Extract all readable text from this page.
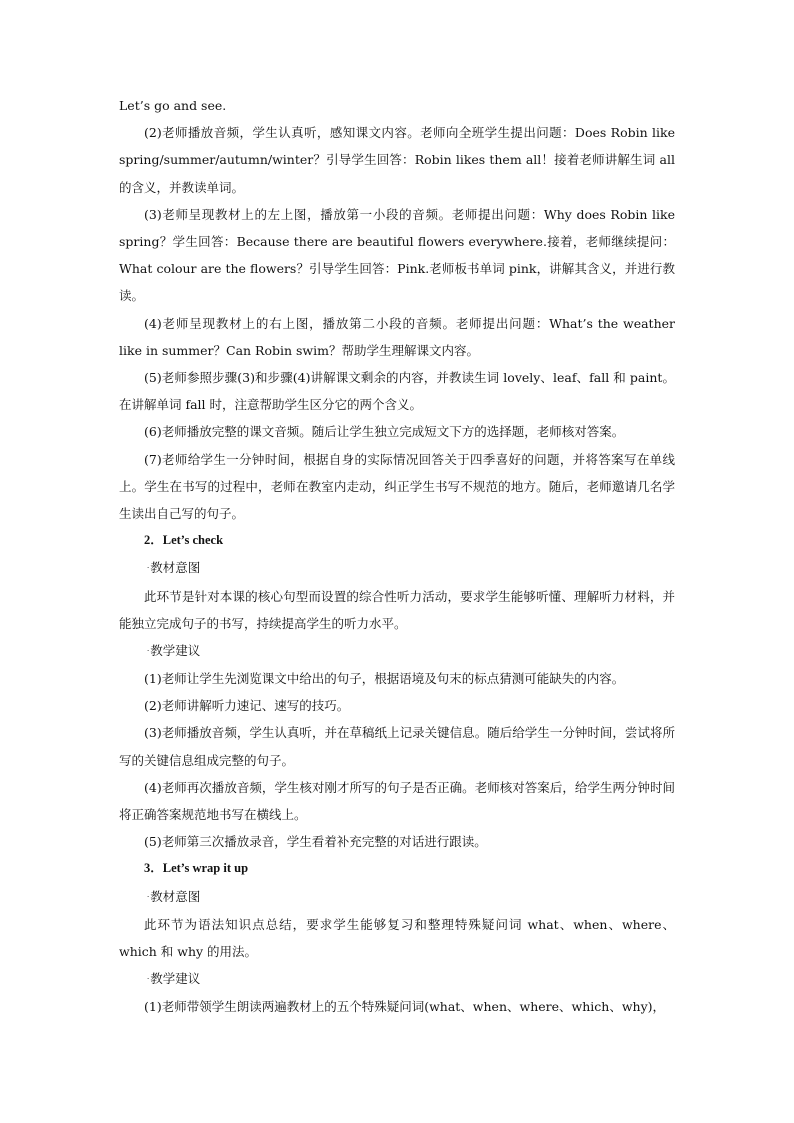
Let’s go and see.

(2)老师播放音频，学生认真听，感知课文内容。老师向全班学生提出问题：Does Robin like spring/summer/autumn/winter？引导学生回答：Robin likes them all！接着老师讲解生词 all 的含义，并教读单词。

(3)老师呈现教材上的左上图，播放第一小段的音频。老师提出问题：Why does Robin like spring？学生回答：Because there are beautiful flowers everywhere.接着，老师继续提问：What colour are the flowers？引导学生回答：Pink.老师板书单词 pink，讲解其含义，并进行教读。

(4)老师呈现教材上的右上图，播放第二小段的音频。老师提出问题：What’s the weather like in summer？Can Robin swim？帮助学生理解课文内容。

(5)老师参照步骤(3)和步骤(4)讲解课文剩余的内容，并教读生词 lovely、leaf、fall 和 paint。在讲解单词 fall 时，注意帮助学生区分它的两个含义。

(6)老师播放完整的课文音频。随后让学生独立完成短文下方的选择题，老师核对答案。

(7)老师给学生一分钟时间，根据自身的实际情况回答关于四季喜好的问题，并将答案写在单线上。学生在书写的过程中，老师在教室内走动，纠正学生书写不规范的地方。随后，老师邀请几名学生读出自己写的句子。

2．Let’s check

·教材意图

此环节是针对本课的核心句型而设置的综合性听力活动，要求学生能够听懂、理解听力材料，并能独立完成句子的书写，持续提高学生的听力水平。

·教学建议

(1)老师让学生先浏览课文中给出的句子，根据语境及句末的标点猜测可能缺失的内容。

(2)老师讲解听力速记、速写的技巧。

(3)老师播放音频，学生认真听，并在草稿纸上记录关键信息。随后给学生一分钟时间，尝试将所写的关键信息组成完整的句子。

(4)老师再次播放音频，学生核对刚才所写的句子是否正确。老师核对答案后，给学生两分钟时间将正确答案规范地书写在横线上。

(5)老师第三次播放录音，学生看着补充完整的对话进行跟读。

3．Let’s wrap it up

·教材意图

此环节为语法知识点总结，要求学生能够复习和整理特殊疑问词 what、when、where、which 和 why 的用法。

·教学建议

(1)老师带领学生朗读两遍教材上的五个特殊疑问词(what、when、where、which、why)，
